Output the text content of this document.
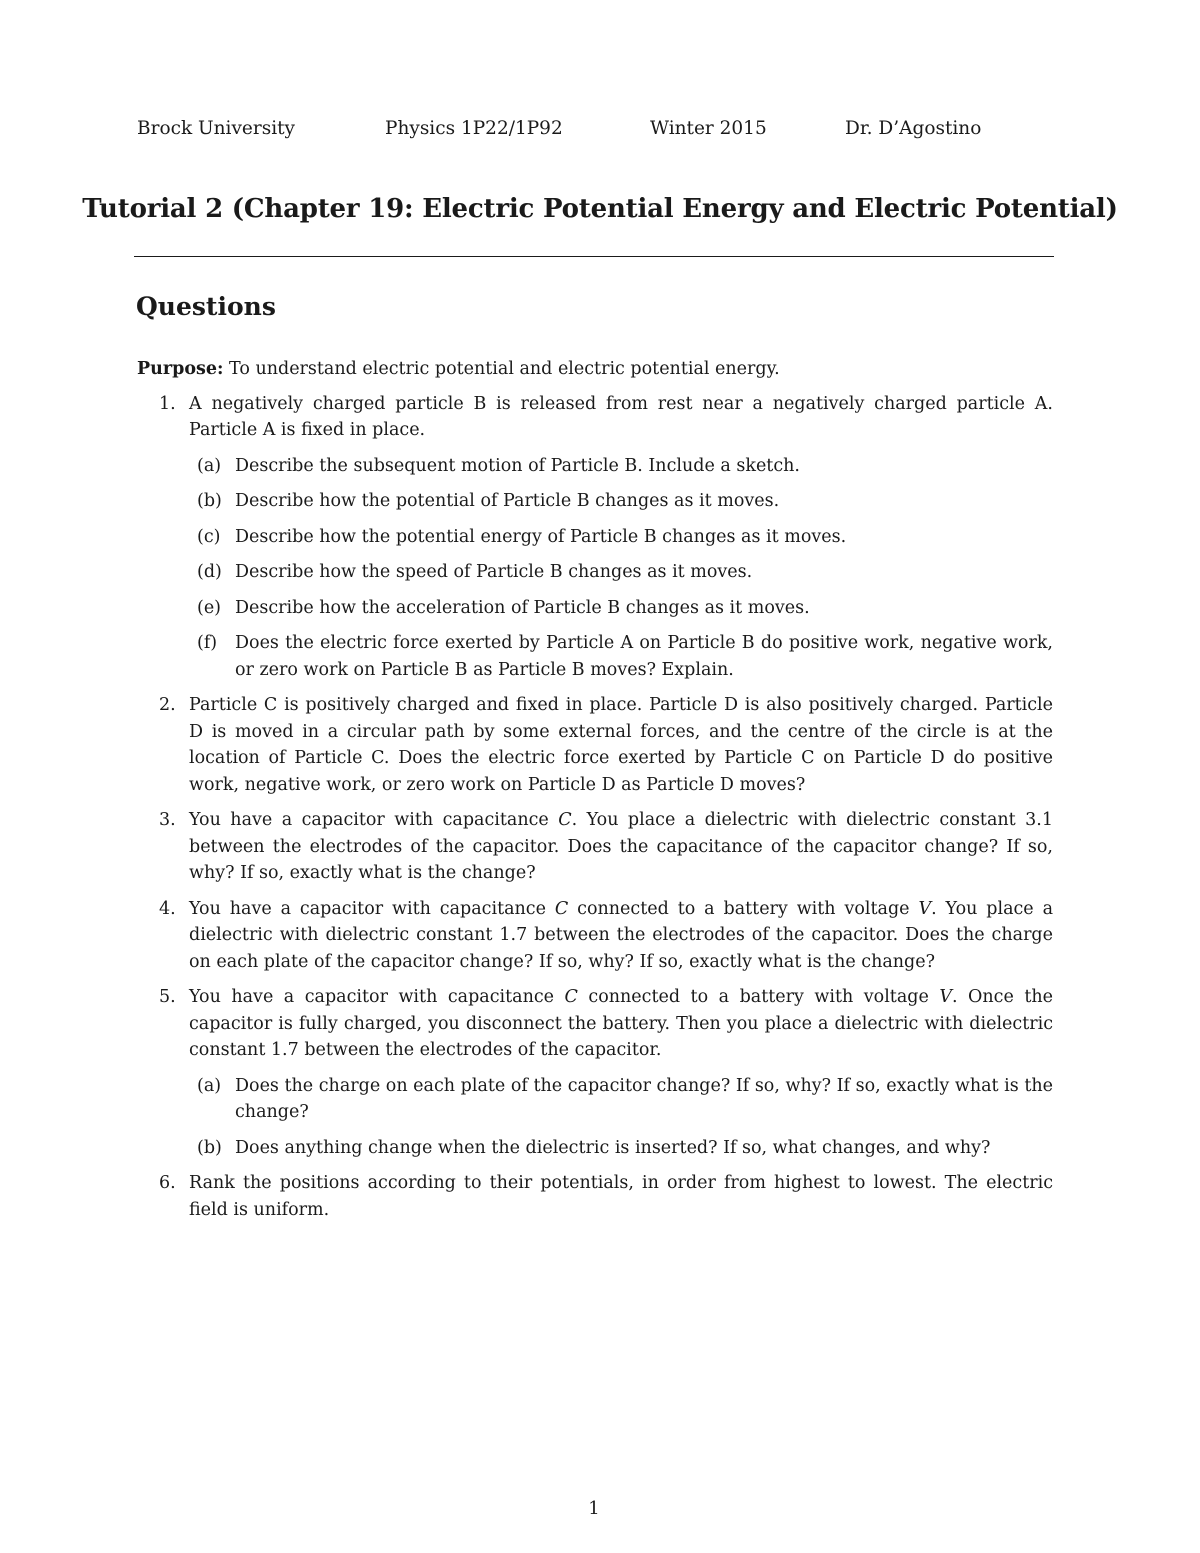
Brock University	Physics 1P22/1P92	Winter 2015	Dr. D’Agostino
Tutorial 2 (Chapter 19: Electric Potential Energy and Electric Potential)
Questions

Purpose: To understand electric potential and electric potential energy.

1. A negatively charged particle B is released from rest near a negatively charged particle A. Particle A is fixed in place.
(a) Describe the subsequent motion of Particle B. Include a sketch.
(b) Describe how the potential of Particle B changes as it moves.
(c) Describe how the potential energy of Particle B changes as it moves.
(d) Describe how the speed of Particle B changes as it moves.
(e) Describe how the acceleration of Particle B changes as it moves.
(f) Does the electric force exerted by Particle A on Particle B do positive work, negative work, or zero work on Particle B as Particle B moves? Explain.
2. Particle C is positively charged and fixed in place. Particle D is also positively charged. Particle D is moved in a circular path by some external forces, and the centre of the circle is at the location of Particle C. Does the electric force exerted by Particle C on Particle D do positive work, negative work, or zero work on Particle D as Particle D moves?
3. You have a capacitor with capacitance C. You place a dielectric with dielectric constant 3.1 between the electrodes of the capacitor. Does the capacitance of the capacitor change? If so, why? If so, exactly what is the change?
4. You have a capacitor with capacitance C connected to a battery with voltage V. You place a dielectric with dielectric constant 1.7 between the electrodes of the capacitor. Does the charge on each plate of the capacitor change? If so, why? If so, exactly what is the change?
5. You have a capacitor with capacitance C connected to a battery with voltage V. Once the capacitor is fully charged, you disconnect the battery. Then you place a dielectric with dielectric constant 1.7 between the electrodes of the capacitor.
(a) Does the charge on each plate of the capacitor change? If so, why? If so, exactly what is the change?
(b) Does anything change when the dielectric is inserted? If so, what changes, and why?
6. Rank the positions according to their potentials, in order from highest to lowest. The electric field is uniform.
1
